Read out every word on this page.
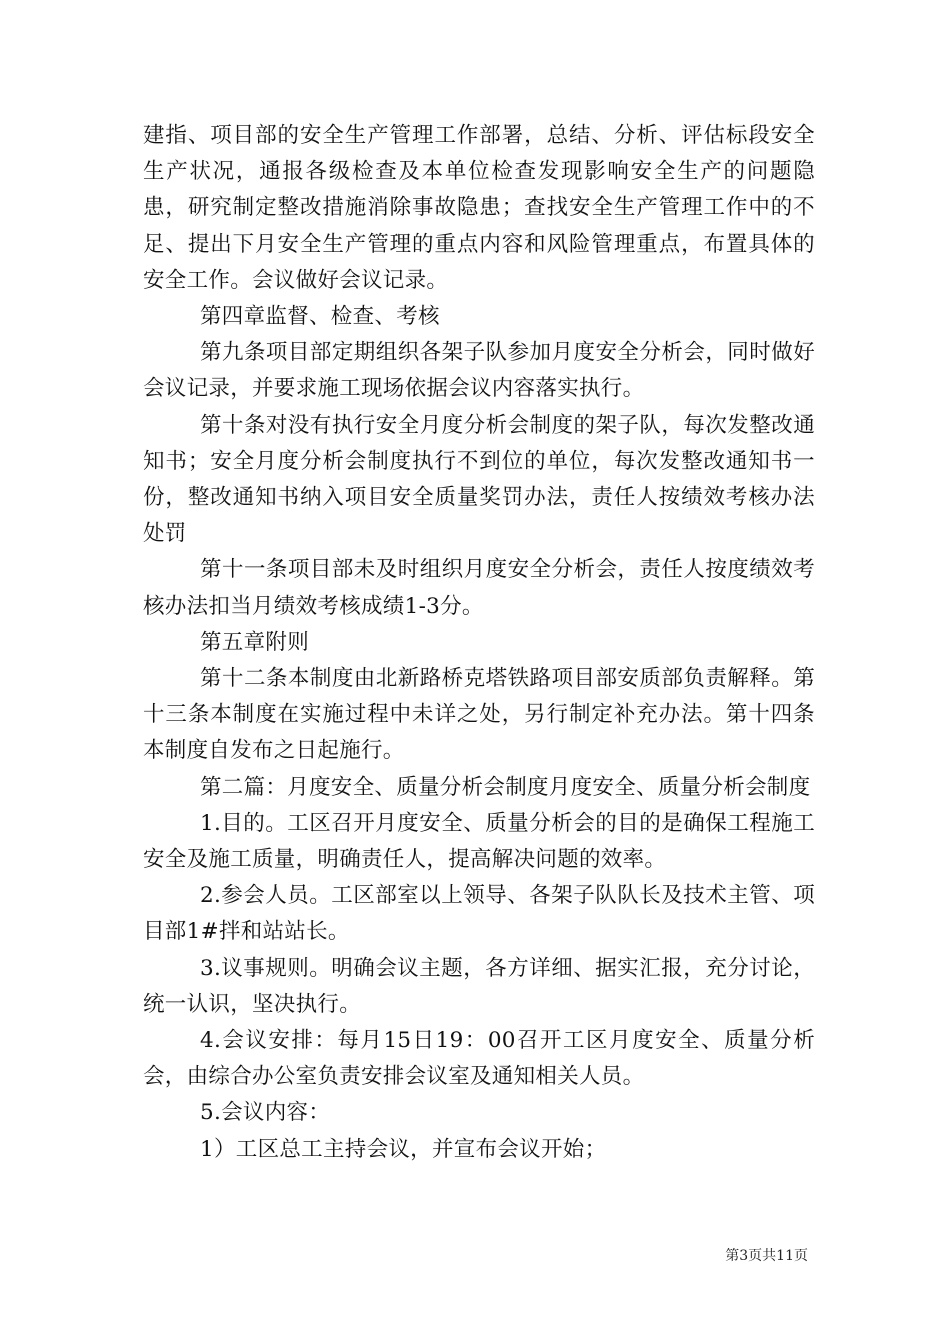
建指、项目部的安全生产管理工作部署，总结、分析、评估标段安全生产状况，通报各级检查及本单位检查发现影响安全生产的问题隐患，研究制定整改措施消除事故隐患；查找安全生产管理工作中的不足、提出下月安全生产管理的重点内容和风险管理重点，布置具体的安全工作。会议做好会议记录。

第四章监督、检查、考核

第九条项目部定期组织各架子队参加月度安全分析会，同时做好会议记录，并要求施工现场依据会议内容落实执行。

第十条对没有执行安全月度分析会制度的架子队，每次发整改通知书；安全月度分析会制度执行不到位的单位，每次发整改通知书一份，整改通知书纳入项目安全质量奖罚办法，责任人按绩效考核办法处罚

第十一条项目部未及时组织月度安全分析会，责任人按度绩效考核办法扣当月绩效考核成绩1-3分。

第五章附则

第十二条本制度由北新路桥克塔铁路项目部安质部负责解释。第十三条本制度在实施过程中未详之处，另行制定补充办法。第十四条本制度自发布之日起施行。

第二篇：月度安全、质量分析会制度月度安全、质量分析会制度

1.目的。工区召开月度安全、质量分析会的目的是确保工程施工安全及施工质量，明确责任人，提高解决问题的效率。

2.参会人员。工区部室以上领导、各架子队队长及技术主管、项目部1#拌和站站长。

3.议事规则。明确会议主题，各方详细、据实汇报，充分讨论，统一认识，坚决执行。

4.会议安排：每月15日19：00召开工区月度安全、质量分析会，由综合办公室负责安排会议室及通知相关人员。

5.会议内容：

1）工区总工主持会议，并宣布会议开始；

第3页共11页
